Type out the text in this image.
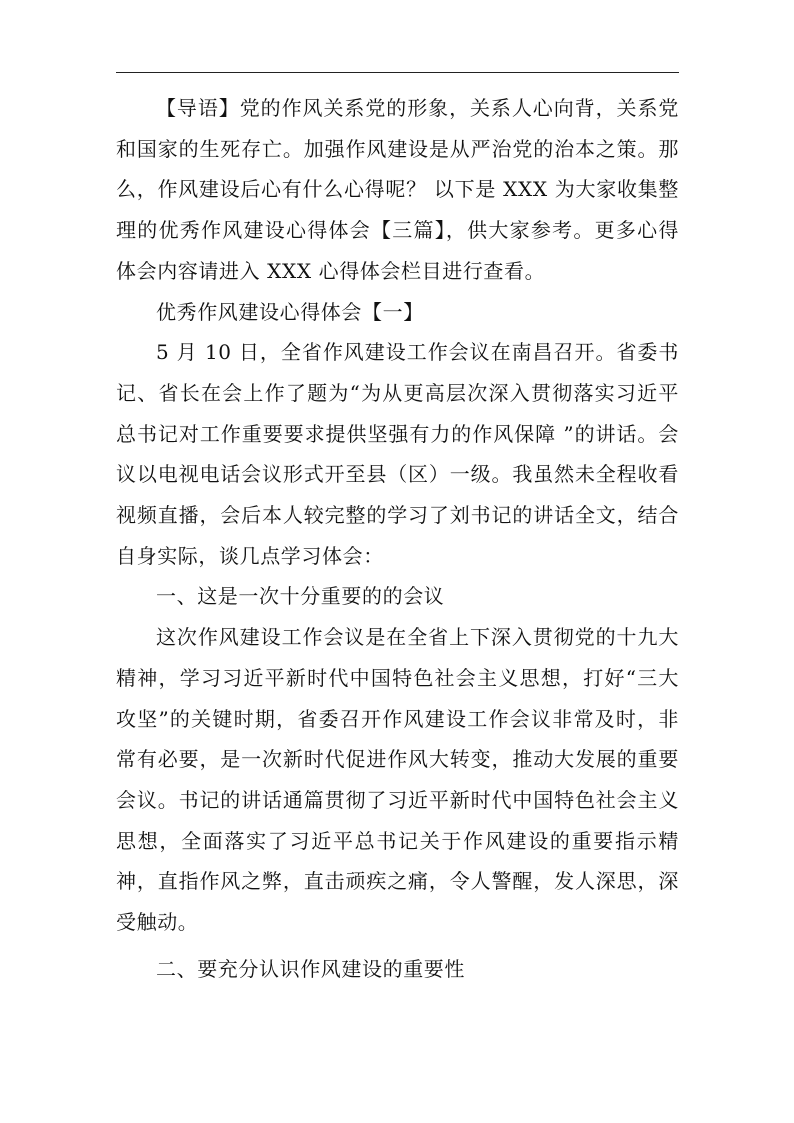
【导语】党的作风关系党的形象，关系人心向背，关系党和国家的生死存亡。加强作风建设是从严治党的治本之策。那么，作风建设后心有什么心得呢？ 以下是 XXX 为大家收集整理的优秀作风建设心得体会【三篇】，供大家参考。更多心得体会内容请进入 XXX 心得体会栏目进行查看。

优秀作风建设心得体会【一】

5 月 10 日，全省作风建设工作会议在南昌召开。省委书记、省长在会上作了题为“为从更高层次深入贯彻落实习近平总书记对工作重要要求提供坚强有力的作风保障 ”的讲话。会议以电视电话会议形式开至县（区）一级。我虽然未全程收看视频直播，会后本人较完整的学习了刘书记的讲话全文，结合自身实际，谈几点学习体会：

一、这是一次十分重要的的会议

这次作风建设工作会议是在全省上下深入贯彻党的十九大精神，学习习近平新时代中国特色社会主义思想，打好“三大攻坚”的关键时期，省委召开作风建设工作会议非常及时，非常有必要，是一次新时代促进作风大转变，推动大发展的重要会议。书记的讲话通篇贯彻了习近平新时代中国特色社会主义思想，全面落实了习近平总书记关于作风建设的重要指示精神，直指作风之弊，直击顽疾之痛，令人警醒，发人深思，深受触动。

二、要充分认识作风建设的重要性
